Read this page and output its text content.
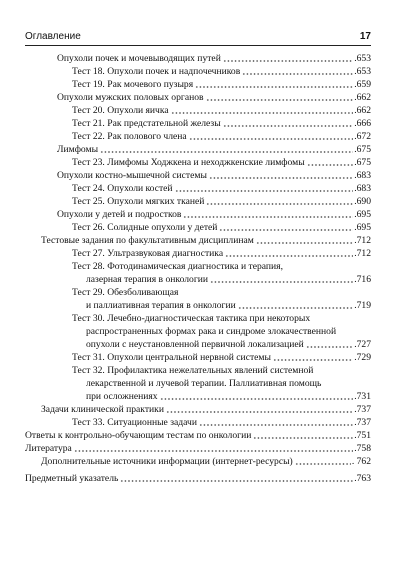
Оглавление	17
Опухоли почек и мочевыводящих путей	.653
Тест 18. Опухоли почек и надпочечников	.653
Тест 19. Рак мочевого пузыря	.659
Опухоли мужских половых органов	.662
Тест 20. Опухоли яичка	.662
Тест 21. Рак предстательной железы	.666
Тест 22. Рак полового члена	.672
Лимфомы	.675
Тест 23. Лимфомы Ходжкена и неходжкенские лимфомы	.675
Опухоли костно-мышечной системы	.683
Тест 24. Опухоли костей	.683
Тест 25. Опухоли мягких тканей	.690
Опухоли у детей и подростков	.695
Тест 26. Солидные опухоли у детей	.695
Тестовые задания по факультативным дисциплинам	.712
Тест 27. Ультразвуковая диагностика	.712
Тест 28. Фотодинамическая диагностика и терапия,
лазерная терапия в онкологии	.716
Тест 29. Обезболивающая
и паллиативная терапия в онкологии	.719
Тест 30. Лечебно-диагностическая тактика при некоторых
распространенных формах рака и синдроме злокачественной
опухоли с неустановленной первичной локализацией	.727
Тест 31. Опухоли центральной нервной системы	.729
Тест 32. Профилактика нежелательных явлений системной
лекарственной и лучевой терапии. Паллиативная помощь
при осложнениях	.731
Задачи клинической практики	.737
Тест 33. Ситуационные задачи	.737
Ответы к контрольно-обучающим тестам по онкологии	.751
Литература	.758
Дополнительные источники информации (интернет-ресурсы)	. 762
Предметный указатель	.763
